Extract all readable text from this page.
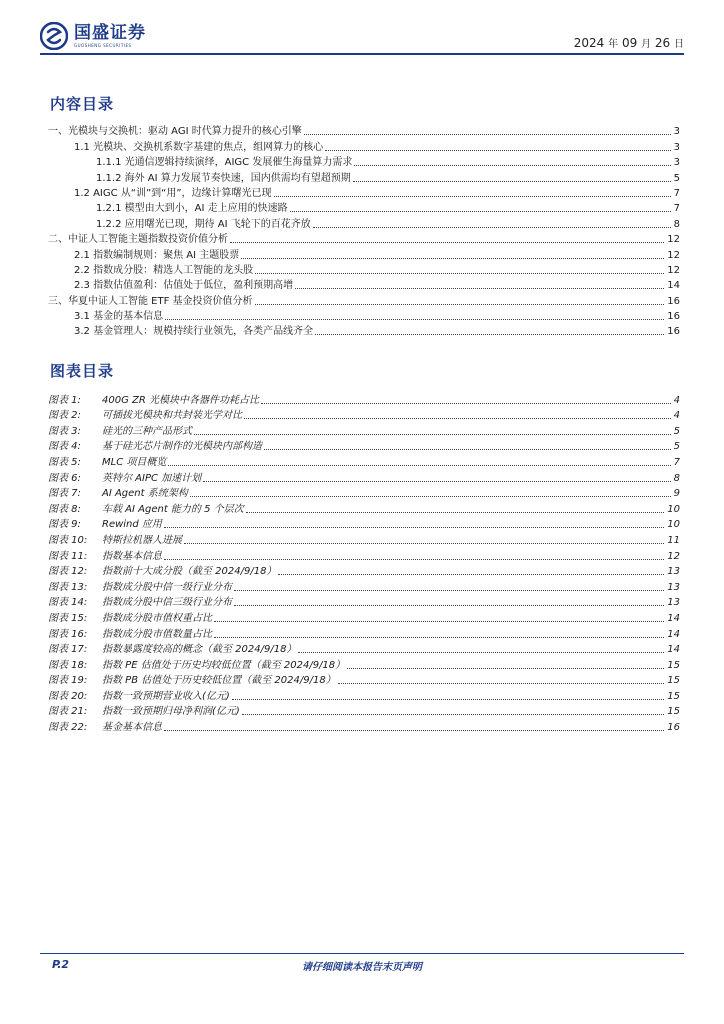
国盛证券
GUOSHENG SECURITIES	2024 年 09 月 26 日
内容目录
一、光模块与交换机：驱动 AGI 时代算力提升的核心引擎	3
1.1 光模块、交换机系数字基建的焦点，组网算力的核心	3
1.1.1 光通信逻辑持续演绎，AIGC 发展催生海量算力需求	3
1.1.2 海外 AI 算力发展节奏快速，国内供需均有望超预期	5
1.2 AIGC 从“训”到“用”，边缘计算曙光已现	7
1.2.1 模型由大到小，AI 走上应用的快速路	7
1.2.2 应用曙光已现，期待 AI 飞轮下的百花齐放	8
二、中证人工智能主题指数投资价值分析	12
2.1 指数编制规则：聚焦 AI 主题股票	12
2.2 指数成分股：精选人工智能的龙头股	12
2.3 指数估值盈利：估值处于低位，盈利预期高增	14
三、华夏中证人工智能 ETF 基金投资价值分析	16
3.1 基金的基本信息	16
3.2 基金管理人：规模持续行业领先，各类产品线齐全	16
图表目录
图表 1:	400G ZR 光模块中各器件功耗占比	4
图表 2:	可插拔光模块和共封装光学对比	4
图表 3:	硅光的三种产品形式	5
图表 4:	基于硅光芯片制作的光模块内部构造	5
图表 5:	MLC 项目概览	7
图表 6:	英特尔 AIPC 加速计划	8
图表 7:	AI Agent 系统架构	9
图表 8:	车载 AI Agent 能力的 5 个层次	10
图表 9:	Rewind 应用	10
图表 10:	特斯拉机器人进展	11
图表 11:	指数基本信息	12
图表 12:	指数前十大成分股（截至 2024/9/18）	13
图表 13:	指数成分股中信一级行业分布	13
图表 14:	指数成分股中信三级行业分布	13
图表 15:	指数成分股市值权重占比	14
图表 16:	指数成分股市值数量占比	14
图表 17:	指数暴露度较高的概念（截至 2024/9/18）	14
图表 18:	指数 PE 估值处于历史均较低位置（截至 2024/9/18）	15
图表 19:	指数 PB 估值处于历史较低位置（截至 2024/9/18）	15
图表 20:	指数一致预期营业收入(亿元)	15
图表 21:	指数一致预期归母净利润(亿元)	15
图表 22:	基金基本信息	16
P.2	请仔细阅读本报告末页声明
